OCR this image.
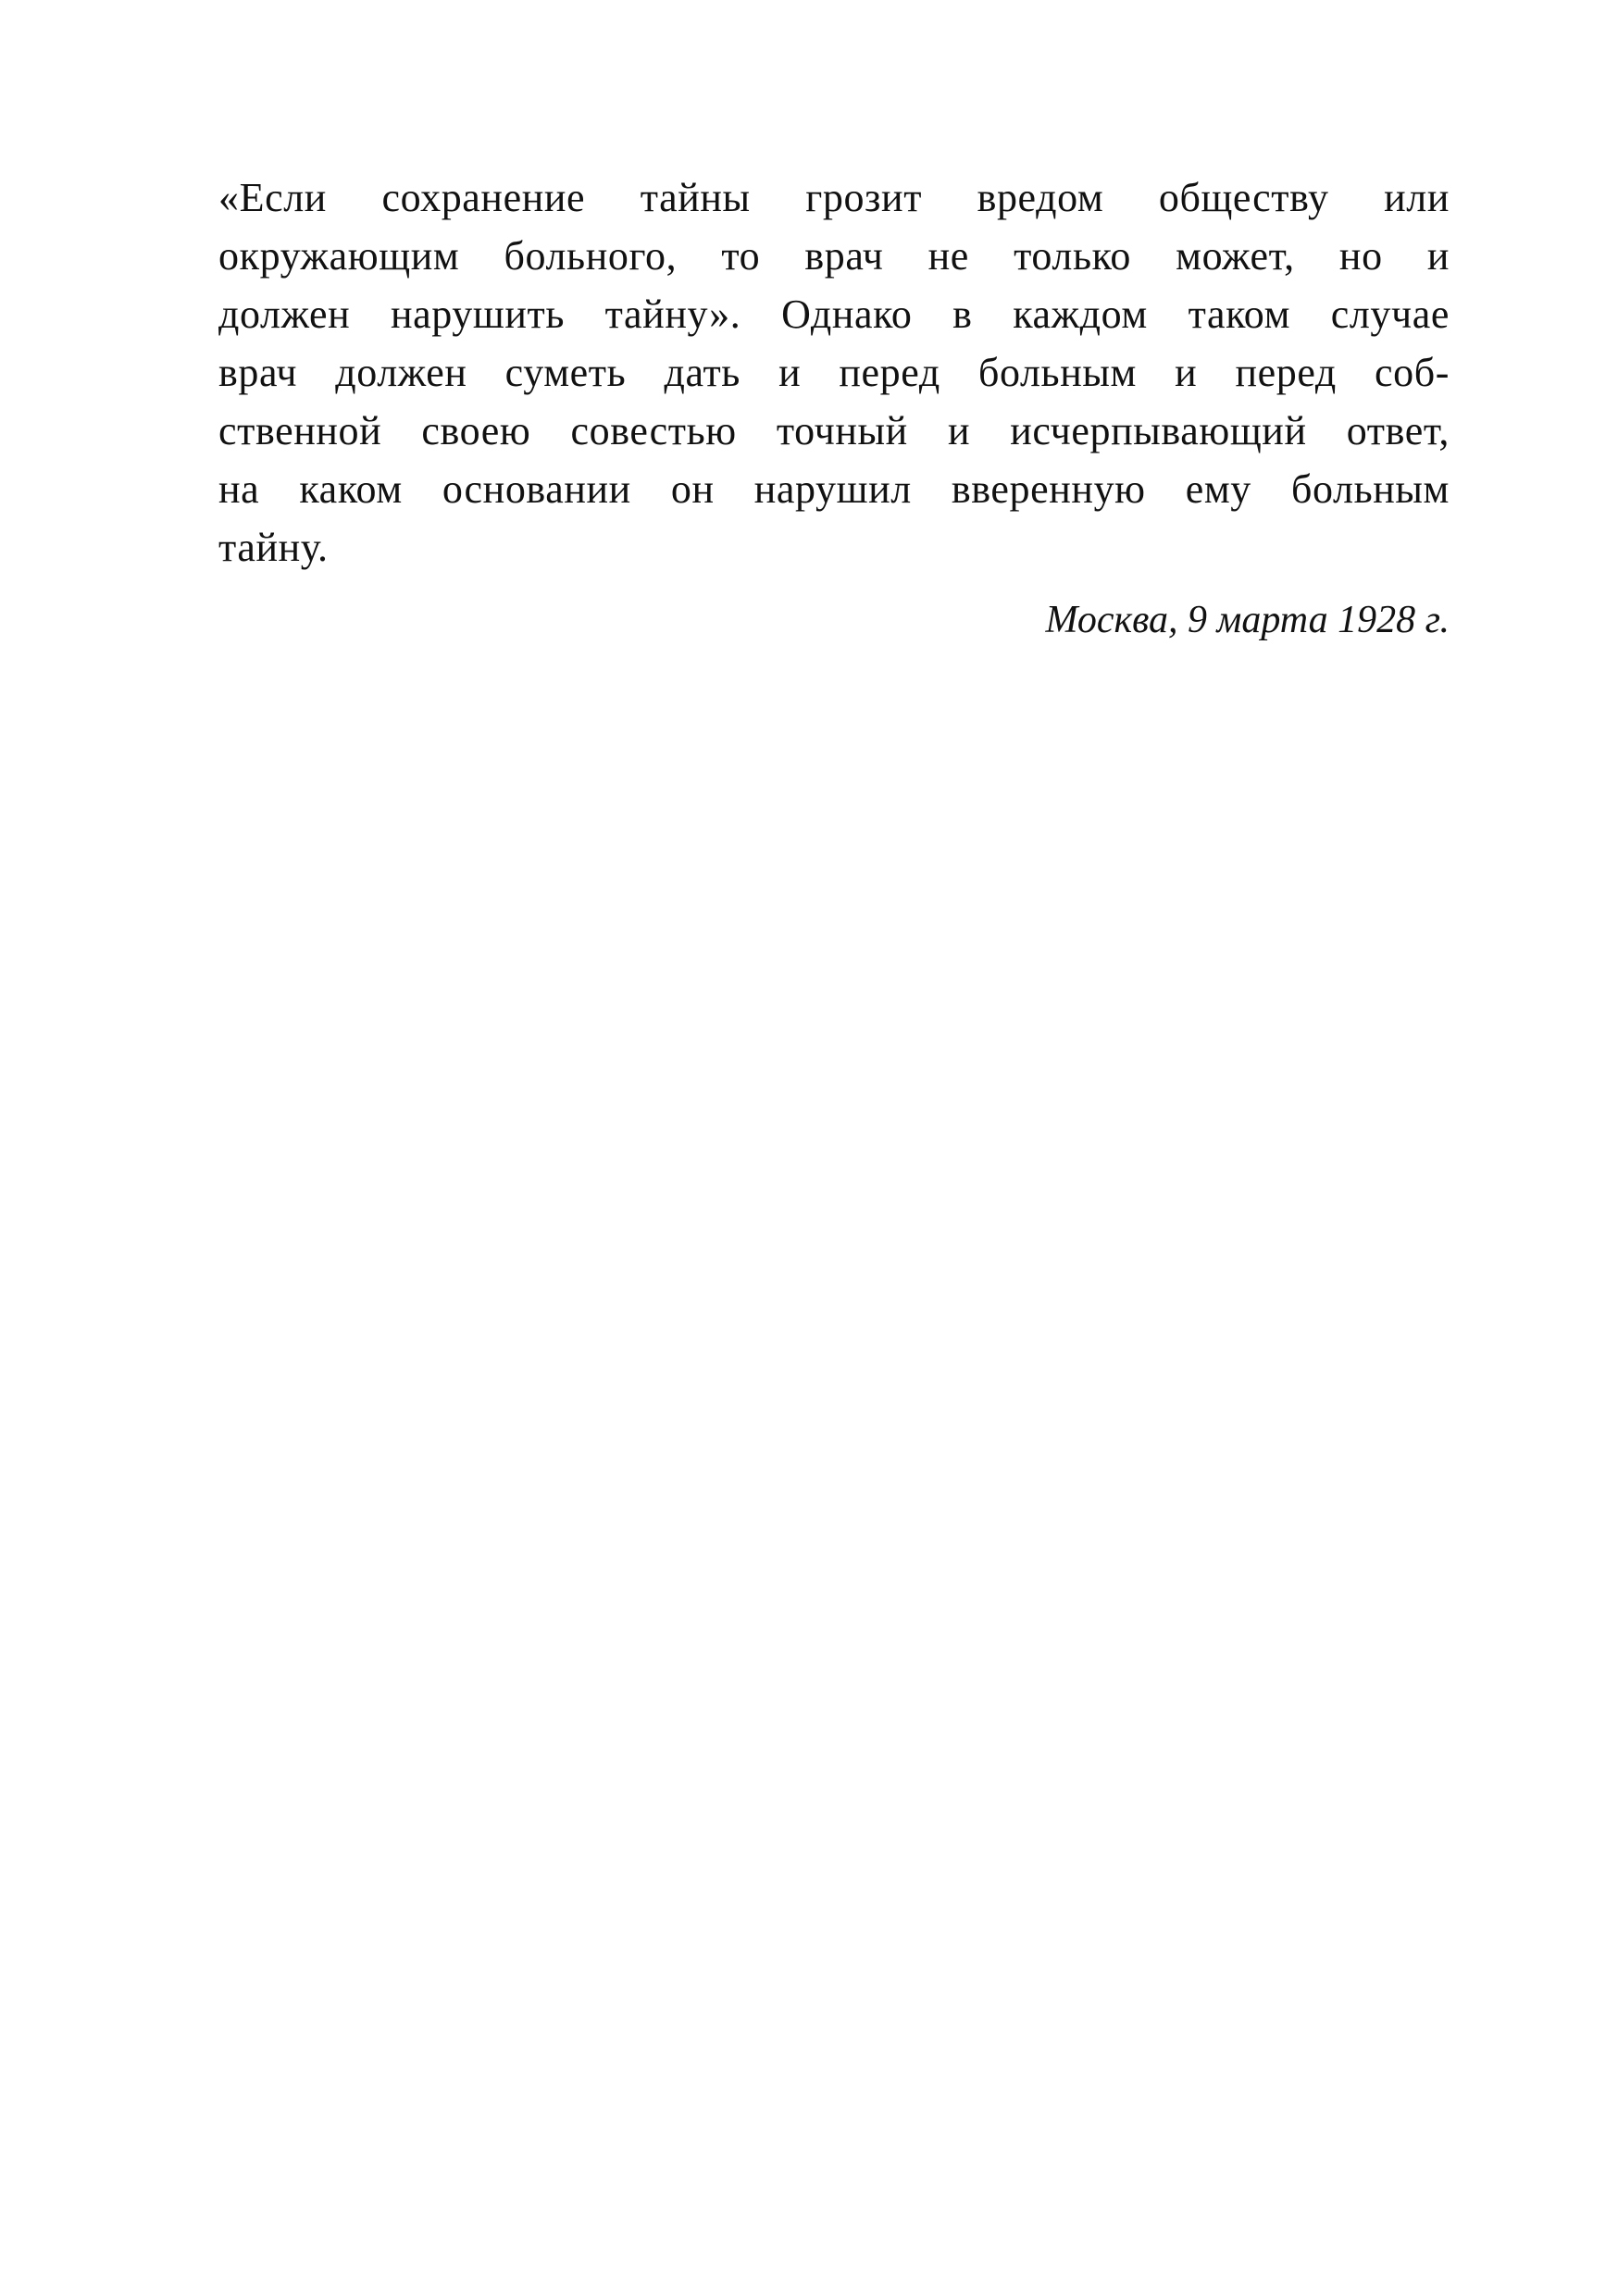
«Если сохранение тайны грозит вредом обществу или
окружающим больного, то врач не только может, но и
должен нарушить тайну». Однако в каждом таком случае
врач должен суметь дать и перед больным и перед соб-
ственной своею совестью точный и исчерпывающий ответ,
на каком основании он нарушил вверенную ему больным
тайну.
Москва, 9 марта 1928 г.
